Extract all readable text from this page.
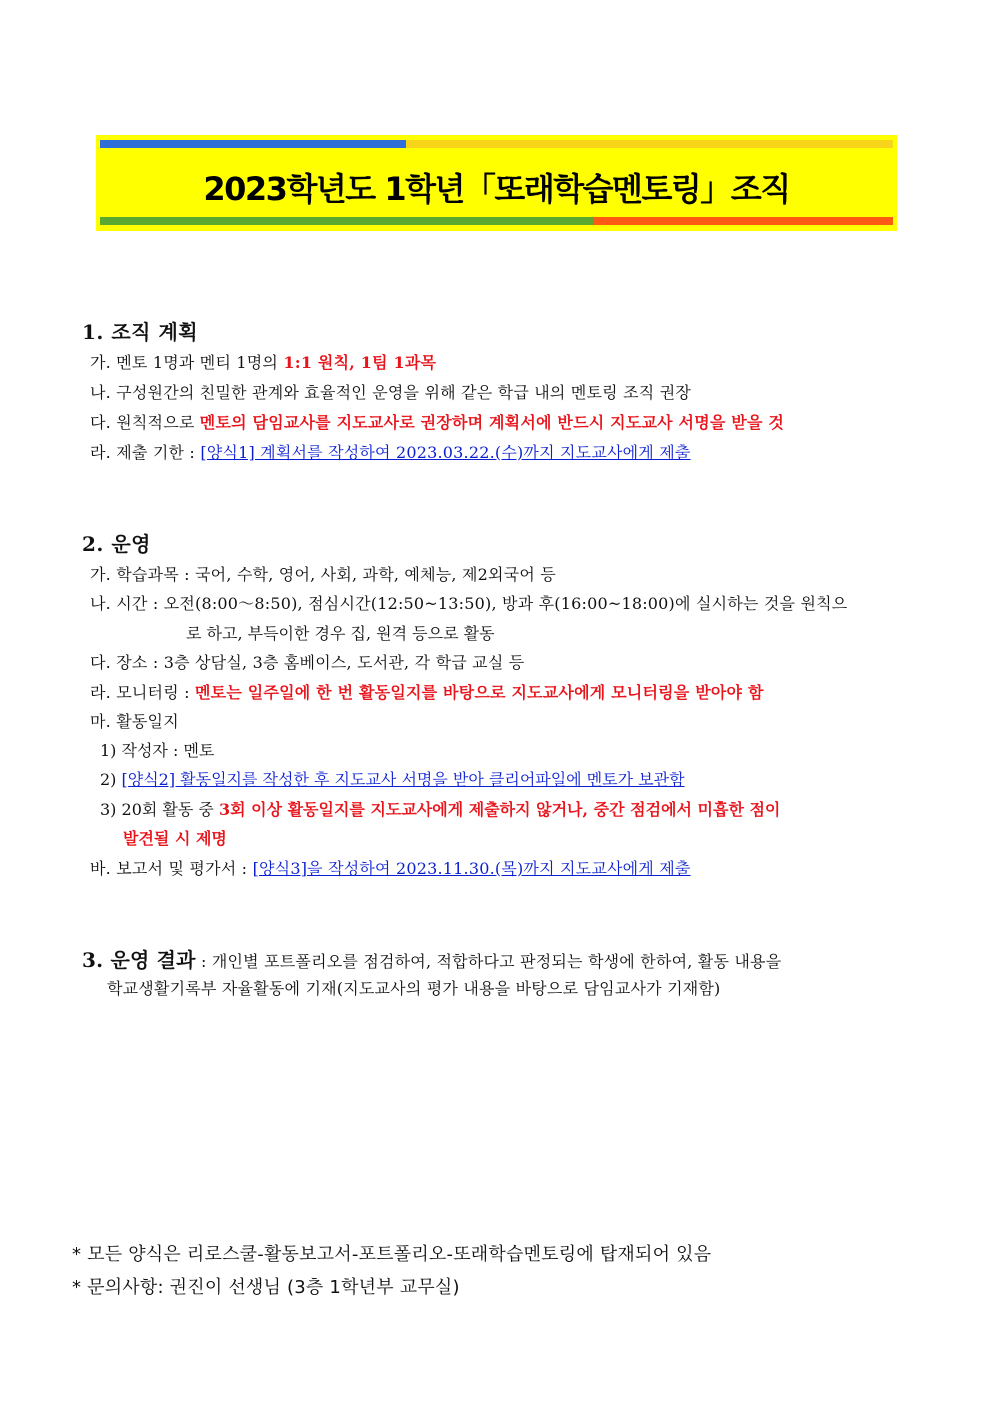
2023학년도 1학년「또래학습멘토링」조직
1. 조직 계획
가. 멘토 1명과 멘티 1명의 1:1 원칙, 1팀 1과목
나. 구성원간의 친밀한 관계와 효율적인 운영을 위해 같은 학급 내의 멘토링 조직 권장
다. 원칙적으로 멘토의 담임교사를 지도교사로 권장하며 계획서에 반드시 지도교사 서명을 받을 것
라. 제출 기한 : [양식1] 계획서를 작성하여 2023.03.22.(수)까지 지도교사에게 제출
2. 운영
가. 학습과목 : 국어, 수학, 영어, 사회, 과학, 예체능, 제2외국어 등
나. 시간 : 오전(8:00～8:50), 점심시간(12:50~13:50), 방과 후(16:00~18:00)에 실시하는 것을 원칙으
로 하고, 부득이한 경우 집, 원격 등으로 활동
다. 장소 : 3층 상담실, 3층 홈베이스, 도서관, 각 학급 교실 등
라. 모니터링 : 멘토는 일주일에 한 번 활동일지를 바탕으로 지도교사에게 모니터링을 받아야 함
마. 활동일지
1) 작성자 : 멘토
2) [양식2] 활동일지를 작성한 후 지도교사 서명을 받아 클리어파일에 멘토가 보관함
3) 20회 활동 중 3회 이상 활동일지를 지도교사에게 제출하지 않거나, 중간 점검에서 미흡한 점이
발견될 시 제명
바. 보고서 및 평가서 : [양식3]을 작성하여 2023.11.30.(목)까지 지도교사에게 제출
3. 운영 결과 : 개인별 포트폴리오를 점검하여, 적합하다고 판정되는 학생에 한하여, 활동 내용을
학교생활기록부 자율활동에 기재(지도교사의 평가 내용을 바탕으로 담임교사가 기재함)
* 모든 양식은 리로스쿨-활동보고서-포트폴리오-또래학습멘토링에 탑재되어 있음
* 문의사항: 권진이 선생님 (3층 1학년부 교무실)
